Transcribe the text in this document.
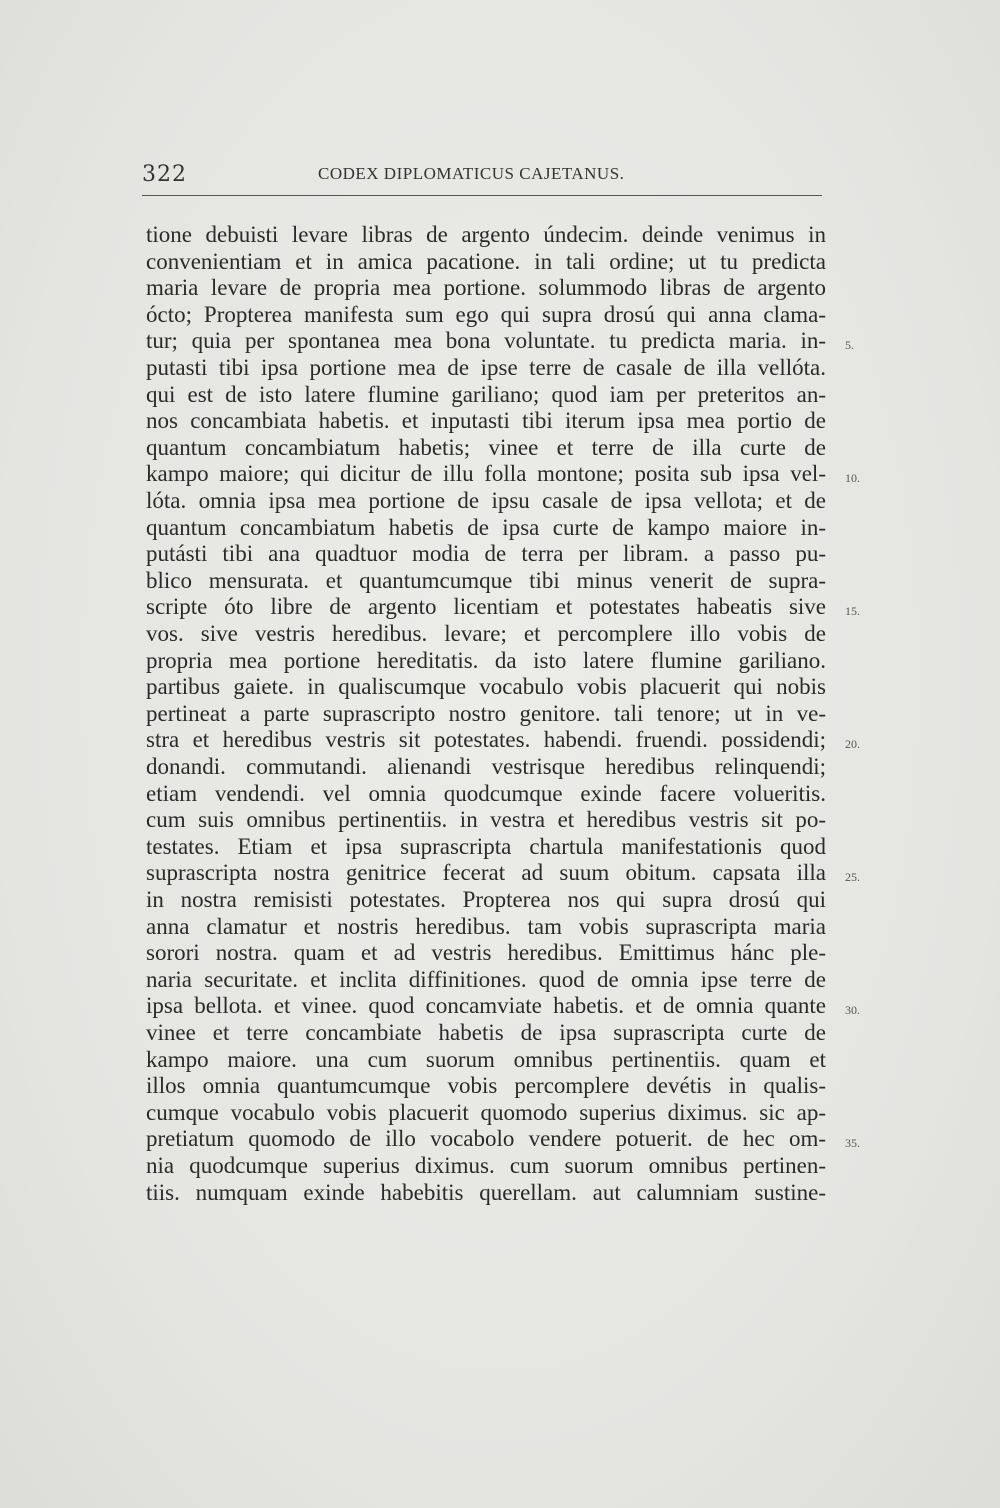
322	CODEX DIPLOMATICUS CAJETANUS.
tione debuisti levare libras de argento úndecim. deinde venimus in
convenientiam et in amica pacatione. in tali ordine; ut tu predicta
maria levare de propria mea portione. solummodo libras de argento
ócto; Propterea manifesta sum ego qui supra drosú qui anna clama-
tur; quia per spontanea mea bona voluntate. tu predicta maria. in-
putasti tibi ipsa portione mea de ipse terre de casale de illa vellóta.
qui est de isto latere flumine gariliano; quod iam per preteritos an-
nos concambiata habetis. et inputasti tibi iterum ipsa mea portio de
quantum concambiatum habetis; vinee et terre de illa curte de
kampo maiore; qui dicitur de illu folla montone; posita sub ipsa vel-
lóta. omnia ipsa mea portione de ipsu casale de ipsa vellota; et de
quantum concambiatum habetis de ipsa curte de kampo maiore in-
putásti tibi ana quadtuor modia de terra per libram. a passo pu-
blico mensurata. et quantumcumque tibi minus venerit de supra-
scripte óto libre de argento licentiam et potestates habeatis sive
vos. sive vestris heredibus. levare; et percomplere illo vobis de
propria mea portione hereditatis. da isto latere flumine gariliano.
partibus gaiete. in qualiscumque vocabulo vobis placuerit qui nobis
pertineat a parte suprascripto nostro genitore. tali tenore; ut in ve-
stra et heredibus vestris sit potestates. habendi. fruendi. possidendi;
donandi. commutandi. alienandi vestrisque heredibus relinquendi;
etiam vendendi. vel omnia quodcumque exinde facere volueritis.
cum suis omnibus pertinentiis. in vestra et heredibus vestris sit po-
testates. Etiam et ipsa suprascripta chartula manifestationis quod
suprascripta nostra genitrice fecerat ad suum obitum. capsata illa
in nostra remisisti potestates. Propterea nos qui supra drosú qui
anna clamatur et nostris heredibus. tam vobis suprascripta maria
sorori nostra. quam et ad vestris heredibus. Emittimus hánc ple-
naria securitate. et inclita diffinitiones. quod de omnia ipse terre de
ipsa bellota. et vinee. quod concamviate habetis. et de omnia quante
vinee et terre concambiate habetis de ipsa suprascripta curte de
kampo maiore. una cum suorum omnibus pertinentiis. quam et
illos omnia quantumcumque vobis percomplere devétis in qualis-
cumque vocabulo vobis placuerit quomodo superius diximus. sic ap-
pretiatum quomodo de illo vocabolo vendere potuerit. de hec om-
nia quodcumque superius diximus. cum suorum omnibus pertinen-
tiis. numquam exinde habebitis querellam. aut calumniam sustine-
5.
10.
15.
20.
25.
30.
35.
